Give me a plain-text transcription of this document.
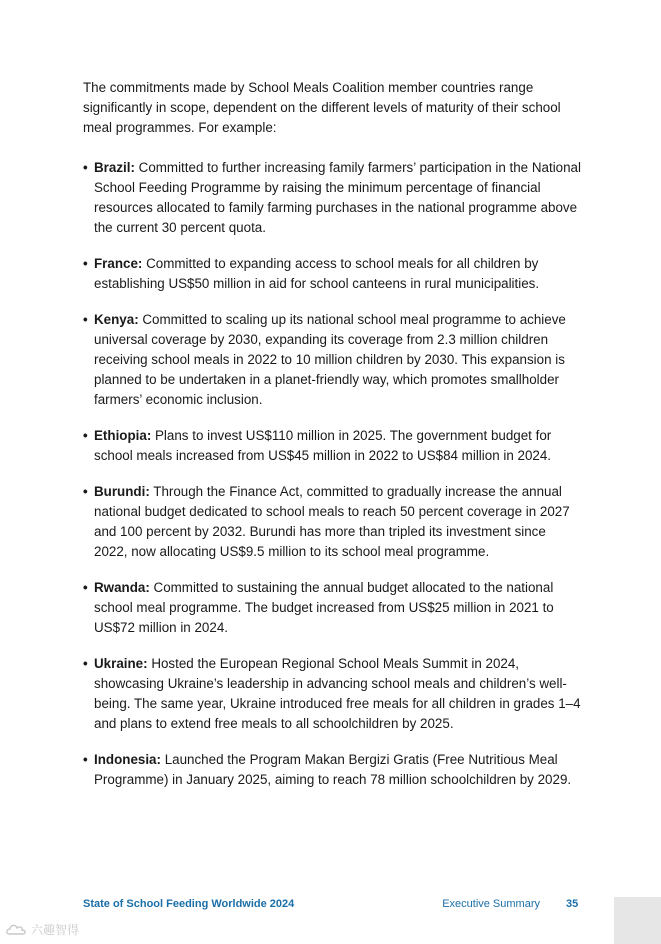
The commitments made by School Meals Coalition member countries range significantly in scope, dependent on the different levels of maturity of their school meal programmes. For example:

• Brazil: Committed to further increasing family farmers’ participation in the National School Feeding Programme by raising the minimum percentage of financial resources allocated to family farming purchases in the national programme above the current 30 percent quota.
• France: Committed to expanding access to school meals for all children by establishing US$50 million in aid for school canteens in rural municipalities.
• Kenya: Committed to scaling up its national school meal programme to achieve universal coverage by 2030, expanding its coverage from 2.3 million children receiving school meals in 2022 to 10 million children by 2030. This expansion is planned to be undertaken in a planet-friendly way, which promotes smallholder farmers’ economic inclusion.
• Ethiopia: Plans to invest US$110 million in 2025. The government budget for school meals increased from US$45 million in 2022 to US$84 million in 2024.
• Burundi: Through the Finance Act, committed to gradually increase the annual national budget dedicated to school meals to reach 50 percent coverage in 2027 and 100 percent by 2032. Burundi has more than tripled its investment since 2022, now allocating US$9.5 million to its school meal programme.
• Rwanda: Committed to sustaining the annual budget allocated to the national school meal programme. The budget increased from US$25 million in 2021 to US$72 million in 2024.
• Ukraine: Hosted the European Regional School Meals Summit in 2024, showcasing Ukraine’s leadership in advancing school meals and children’s well-being. The same year, Ukraine introduced free meals for all children in grades 1–4 and plans to extend free meals to all schoolchildren by 2025.
• Indonesia: Launched the Program Makan Bergizi Gratis (Free Nutritious Meal Programme) in January 2025, aiming to reach 78 million schoolchildren by 2029.
State of School Feeding Worldwide 2024	Executive Summary 35
六趣智得
